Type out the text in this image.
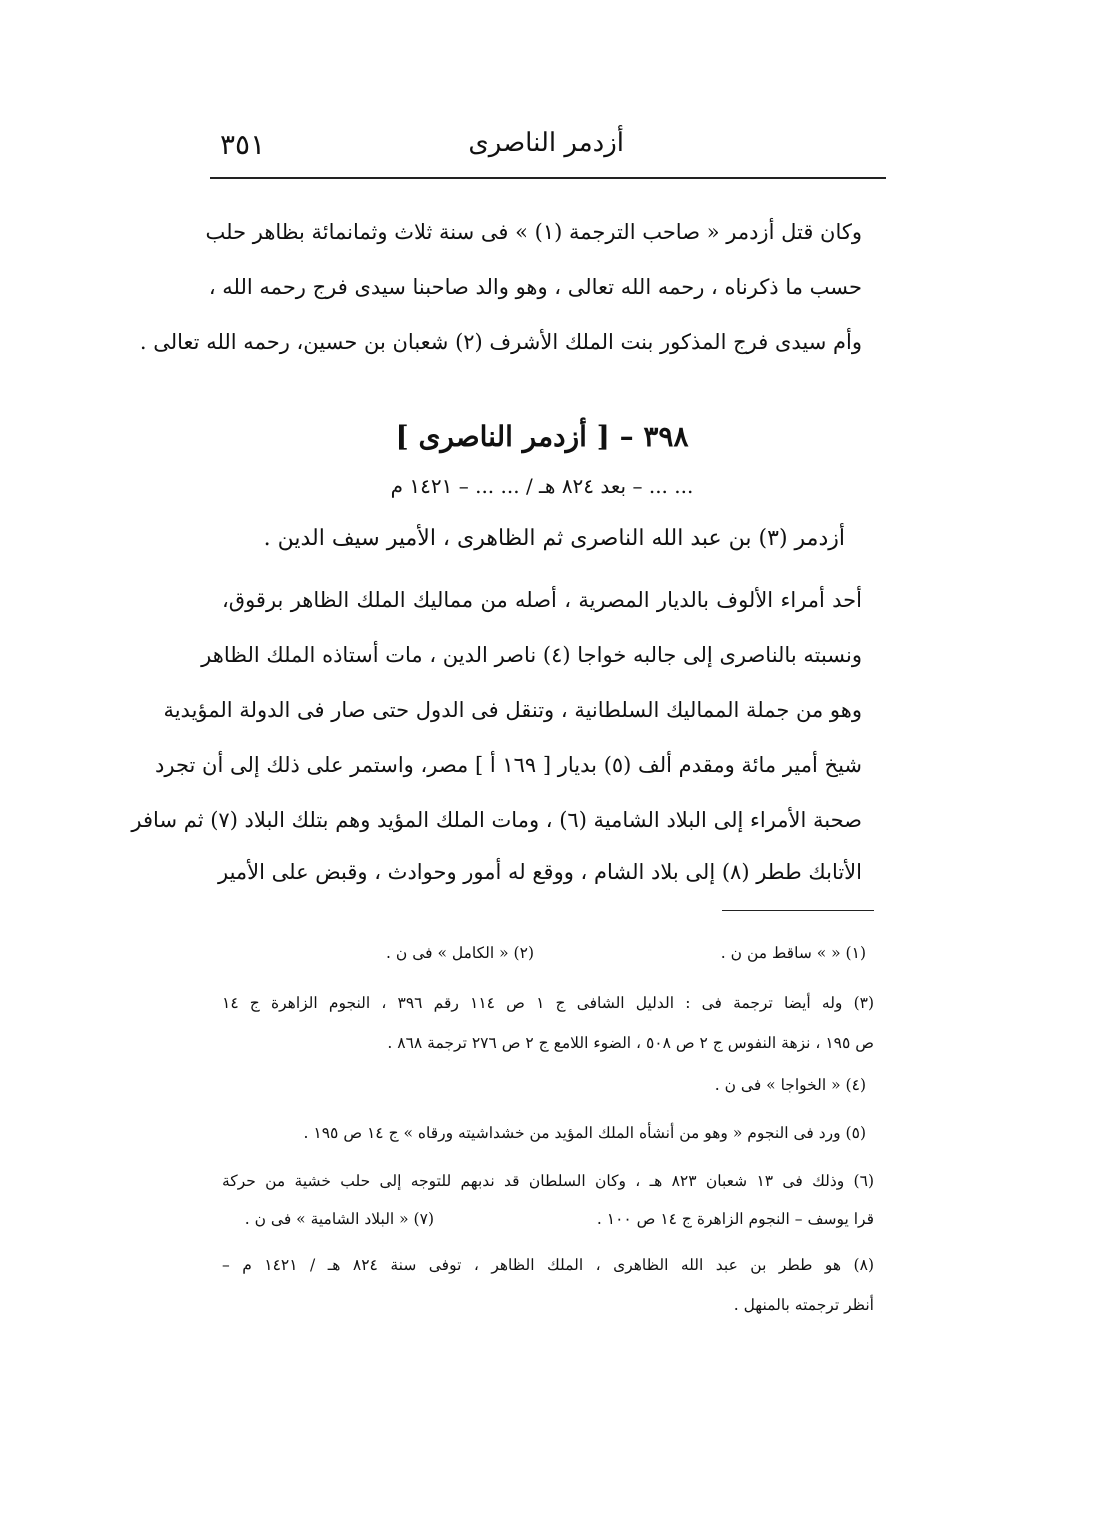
أزدمر الناصرى
٣٥١
وكان قتل أزدمر « صاحب الترجمة (١) » فى سنة ثلاث وثمانمائة بظاهر حلب
حسب ما ذكرناه ، رحمه الله تعالى ، وهو والد صاحبنا سيدى فرج رحمه الله ،
وأم سيدى فرج المذكور بنت الملك الأشرف (٢) شعبان بن حسين، رحمه الله تعالى .
٣٩٨ – [ أزدمر الناصرى ]
... ... – بعد ٨٢٤ هـ / ... ... – ١٤٢١ م
أزدمر (٣) بن عبد الله الناصرى ثم الظاهرى ، الأمير سيف الدين .
أحد أمراء الألوف بالديار المصرية ، أصله من مماليك الملك الظاهر برقوق،
ونسبته بالناصرى إلى جالبه خواجا (٤) ناصر الدين ، مات أستاذه الملك الظاهر
وهو من جملة المماليك السلطانية ، وتنقل فى الدول حتى صار فى الدولة المؤيدية
شيخ أمير مائة ومقدم ألف (٥) بديار [ ١٦٩ أ ] مصر، واستمر على ذلك إلى أن تجرد
صحبة الأمراء إلى البلاد الشامية (٦) ، ومات الملك المؤيد وهم بتلك البلاد (٧) ثم سافر
الأتابك ططر (٨) إلى بلاد الشام ، ووقع له أمور وحوادث ، وقبض على الأمير
(١) « » ساقط من ن .
(٢) « الكامل » فى ن .
(٣) وله أيضا ترجمة فى : الدليل الشافى ج ١ ص ١١٤ رقم ٣٩٦ ، النجوم الزاهرة ج ١٤
ص ١٩٥ ، نزهة النفوس ج ٢ ص ٥٠٨ ، الضوء اللامع ج ٢ ص ٢٧٦ ترجمة ٨٦٨ .
(٤) « الخواجا » فى ن .
(٥) ورد فى النجوم « وهو من أنشأه الملك المؤيد من خشداشيته ورقاه » ج ١٤ ص ١٩٥ .
(٦) وذلك فى ١٣ شعبان ٨٢٣ هـ ، وكان السلطان قد ندبهم للتوجه إلى حلب خشية من حركة
قرا يوسف – النجوم الزاهرة ج ١٤ ص ١٠٠ .
(٧) « البلاد الشامية » فى ن .
(٨) هو ططر بن عبد الله الظاهرى ، الملك الظاهر ، توفى سنة ٨٢٤ هـ / ١٤٢١ م –
أنظر ترجمته بالمنهل .
